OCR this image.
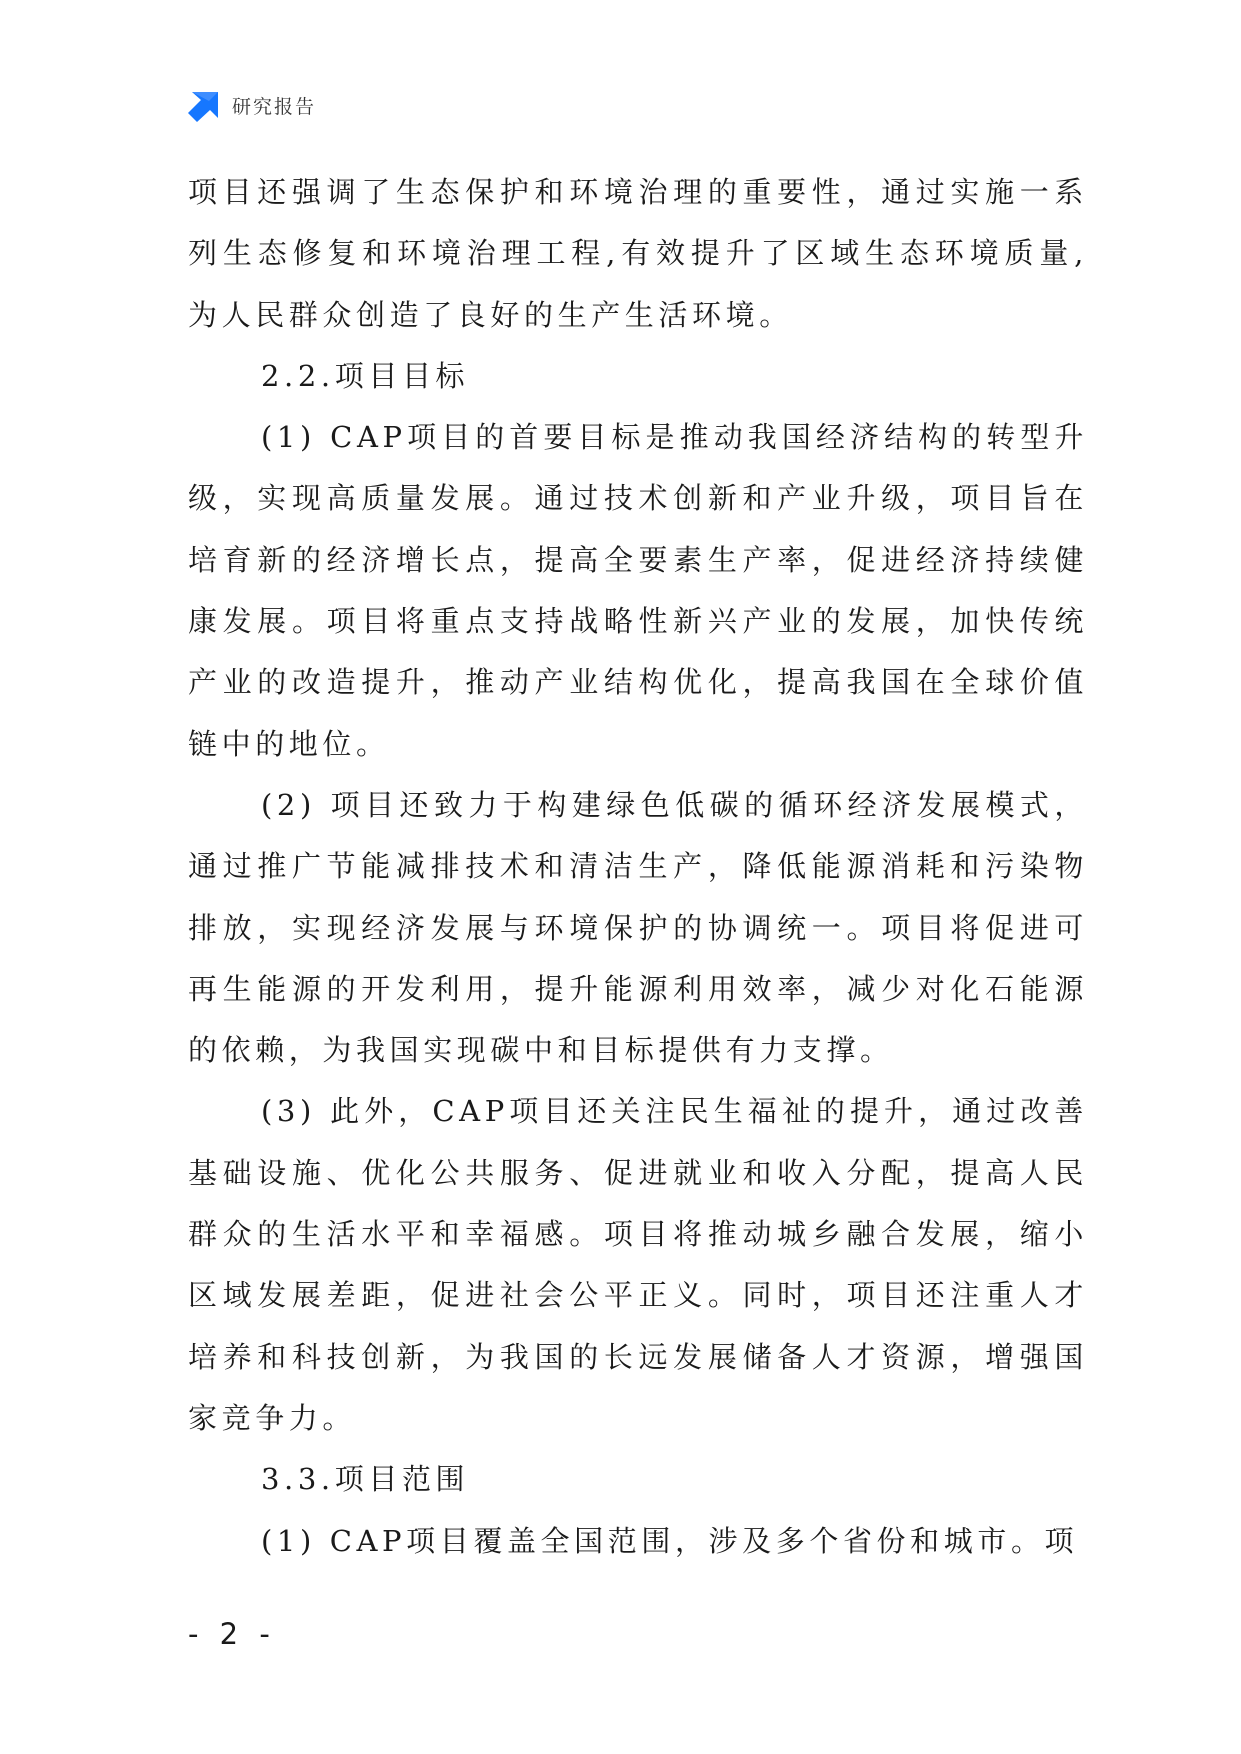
研究报告

项目还强调了生态保护和环境治理的重要性，通过实施一系列生态修复和环境治理工程,有效提升了区域生态环境质量,为人民群众创造了良好的生产生活环境。

2.2.项目目标

(1) CAP项目的首要目标是推动我国经济结构的转型升级，实现高质量发展。通过技术创新和产业升级，项目旨在培育新的经济增长点，提高全要素生产率，促进经济持续健康发展。项目将重点支持战略性新兴产业的发展，加快传统产业的改造提升，推动产业结构优化，提高我国在全球价值链中的地位。

(2) 项目还致力于构建绿色低碳的循环经济发展模式，通过推广节能减排技术和清洁生产，降低能源消耗和污染物排放，实现经济发展与环境保护的协调统一。项目将促进可再生能源的开发利用，提升能源利用效率，减少对化石能源的依赖，为我国实现碳中和目标提供有力支撑。

(3) 此外，CAP项目还关注民生福祉的提升，通过改善基础设施、优化公共服务、促进就业和收入分配，提高人民群众的生活水平和幸福感。项目将推动城乡融合发展，缩小区域发展差距，促进社会公平正义。同时，项目还注重人才培养和科技创新，为我国的长远发展储备人才资源，增强国家竞争力。

3.3.项目范围

(1) CAP项目覆盖全国范围，涉及多个省份和城市。项

- 2 -
